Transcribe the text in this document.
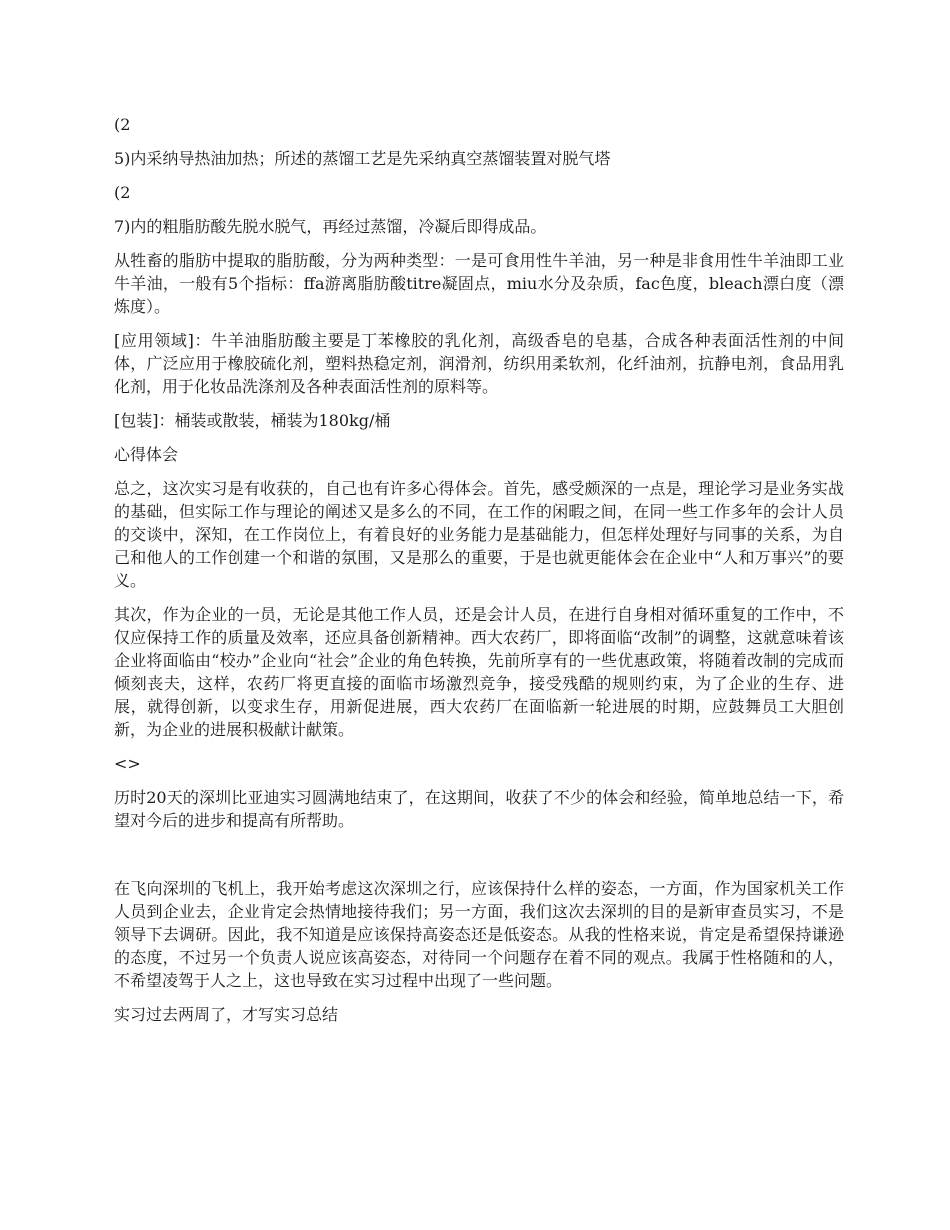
(2

5)内采纳导热油加热；所述的蒸馏工艺是先采纳真空蒸馏装置对脱气塔

(2

7)内的粗脂肪酸先脱水脱气，再经过蒸馏，冷凝后即得成品。

从牲畜的脂肪中提取的脂肪酸，分为两种类型：一是可食用性牛羊油，另一种是非食用性牛羊油即工业牛羊油，一般有5个指标：ffa游离脂肪酸titre凝固点，miu水分及杂质，fac色度，bleach漂白度（漂炼度）。

[应用领域]：牛羊油脂肪酸主要是丁苯橡胶的乳化剂，高级香皂的皂基，合成各种表面活性剂的中间体，广泛应用于橡胶硫化剂，塑料热稳定剂，润滑剂，纺织用柔软剂，化纤油剂，抗静电剂，食品用乳化剂，用于化妆品洗涤剂及各种表面活性剂的原料等。

[包装]：桶装或散装，桶装为180kg/桶

心得体会

总之，这次实习是有收获的，自己也有许多心得体会。首先，感受颇深的一点是，理论学习是业务实战的基础，但实际工作与理论的阐述又是多么的不同，在工作的闲暇之间，在同一些工作多年的会计人员的交谈中，深知，在工作岗位上，有着良好的业务能力是基础能力，但怎样处理好与同事的关系，为自己和他人的工作创建一个和谐的氛围，又是那么的重要，于是也就更能体会在企业中“人和万事兴”的要义。

其次，作为企业的一员，无论是其他工作人员，还是会计人员，在进行自身相对循环重复的工作中，不仅应保持工作的质量及效率，还应具备创新精神。西大农药厂，即将面临“改制”的调整，这就意味着该企业将面临由“校办”企业向“社会”企业的角色转换，先前所享有的一些优惠政策，将随着改制的完成而倾刻丧夫，这样，农药厂将更直接的面临市场激烈竞争，接受残酷的规则约束，为了企业的生存、进展，就得创新，以变求生存，用新促进展，西大农药厂在面临新一轮进展的时期，应鼓舞员工大胆创新，为企业的进展积极献计献策。

<>

历时20天的深圳比亚迪实习圆满地结束了，在这期间，收获了不少的体会和经验，简单地总结一下，希望对今后的进步和提高有所帮助。

在飞向深圳的飞机上，我开始考虑这次深圳之行，应该保持什么样的姿态，一方面，作为国家机关工作人员到企业去，企业肯定会热情地接待我们；另一方面，我们这次去深圳的目的是新审查员实习，不是领导下去调研。因此，我不知道是应该保持高姿态还是低姿态。从我的性格来说，肯定是希望保持谦逊的态度，不过另一个负责人说应该高姿态，对待同一个问题存在着不同的观点。我属于性格随和的人，不希望凌驾于人之上，这也导致在实习过程中出现了一些问题。

实习过去两周了，才写实习总结
